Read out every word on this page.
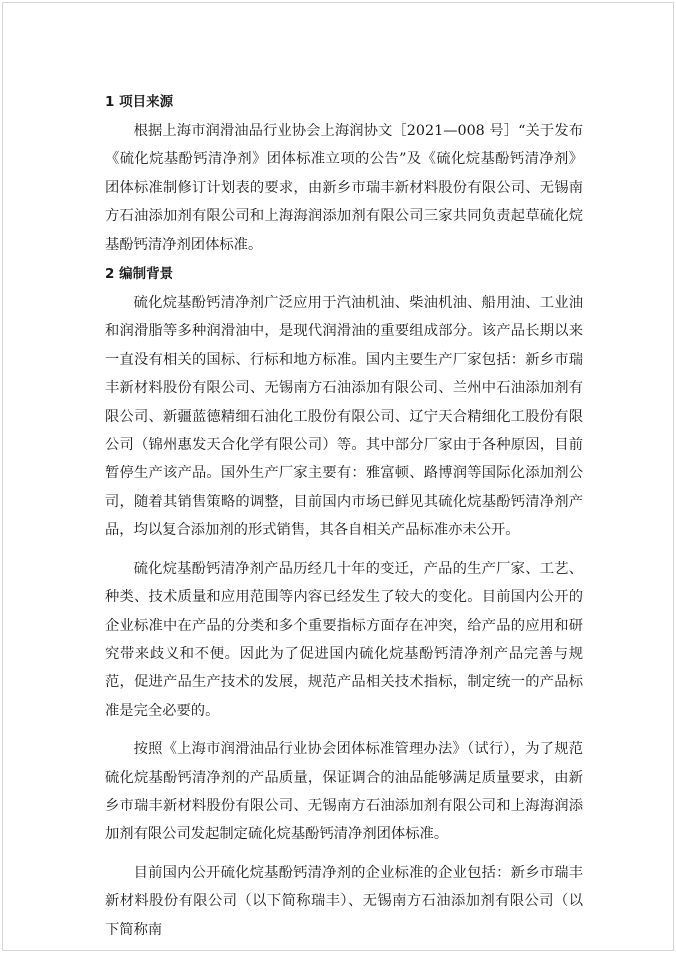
1 项目来源

根据上海市润滑油品行业协会上海润协文［2021—008 号］“关于发布《硫化烷基酚钙清净剂》团体标准立项的公告”及《硫化烷基酚钙清净剂》团体标准制修订计划表的要求，由新乡市瑞丰新材料股份有限公司、无锡南方石油添加剂有限公司和上海海润添加剂有限公司三家共同负责起草硫化烷基酚钙清净剂团体标准。

2 编制背景

硫化烷基酚钙清净剂广泛应用于汽油机油、柴油机油、船用油、工业油和润滑脂等多种润滑油中，是现代润滑油的重要组成部分。该产品长期以来一直没有相关的国标、行标和地方标准。国内主要生产厂家包括：新乡市瑞丰新材料股份有限公司、无锡南方石油添加有限公司、兰州中石油添加剂有限公司、新疆蓝德精细石油化工股份有限公司、辽宁天合精细化工股份有限公司（锦州惠发天合化学有限公司）等。其中部分厂家由于各种原因，目前暂停生产该产品。国外生产厂家主要有：雅富顿、路博润等国际化添加剂公司，随着其销售策略的调整，目前国内市场已鲜见其硫化烷基酚钙清净剂产品，均以复合添加剂的形式销售，其各自相关产品标准亦未公开。

硫化烷基酚钙清净剂产品历经几十年的变迁，产品的生产厂家、工艺、种类、技术质量和应用范围等内容已经发生了较大的变化。目前国内公开的企业标准中在产品的分类和多个重要指标方面存在冲突，给产品的应用和研究带来歧义和不便。因此为了促进国内硫化烷基酚钙清净剂产品完善与规范，促进产品生产技术的发展，规范产品相关技术指标，制定统一的产品标准是完全必要的。

按照《上海市润滑油品行业协会团体标准管理办法》（试行），为了规范硫化烷基酚钙清净剂的产品质量，保证调合的油品能够满足质量要求，由新乡市瑞丰新材料股份有限公司、无锡南方石油添加剂有限公司和上海海润添加剂有限公司发起制定硫化烷基酚钙清净剂团体标准。

目前国内公开硫化烷基酚钙清净剂的企业标准的企业包括：新乡市瑞丰新材料股份有限公司（以下简称瑞丰）、无锡南方石油添加剂有限公司（以下简称南
